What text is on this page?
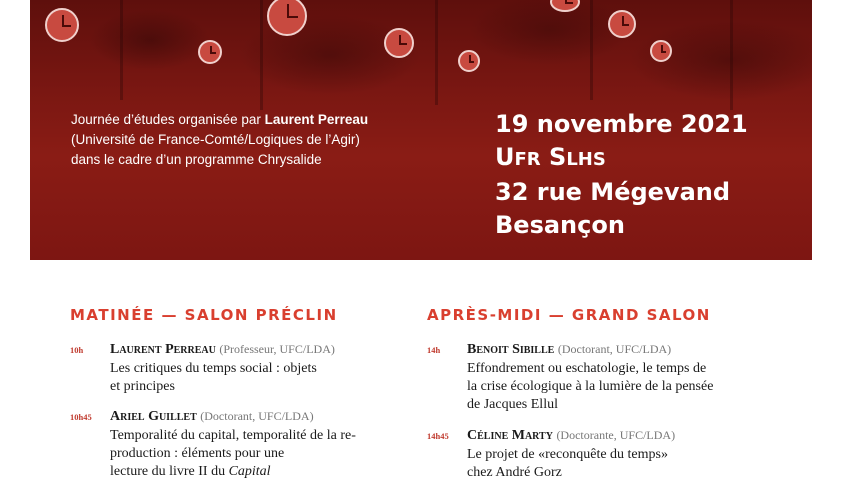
Graphisme: Jody Pouchard/Oth Bain
Journée d’études organisée par Laurent Perreau
(Université de France-Comté/Logiques de l’Agir)
dans le cadre d’un programme Chrysalide
19 novembre 2021
UFR SLHS
32 rue Mégevand
Besançon
MATINÉE — SALON PRÉCLIN	APRÈS-MIDI — GRAND SALON
10h Laurent Perreau (Professeur, UFC/LDA)
Les critiques du temps social : objets
et principes
10h45 Ariel Guillet (Doctorant, UFC/LDA)
Temporalité du capital, temporalité de la re-
production : éléments pour une
lecture du livre II du Capital
14h Benoit Sibille (Doctorant, UFC/LDA)
Effondrement ou eschatologie, le temps de
la crise écologique à la lumière de la pensée
de Jacques Ellul
14h45 Céline Marty (Doctorante, UFC/LDA)
Le projet de «reconquête du temps»
chez André Gorz
